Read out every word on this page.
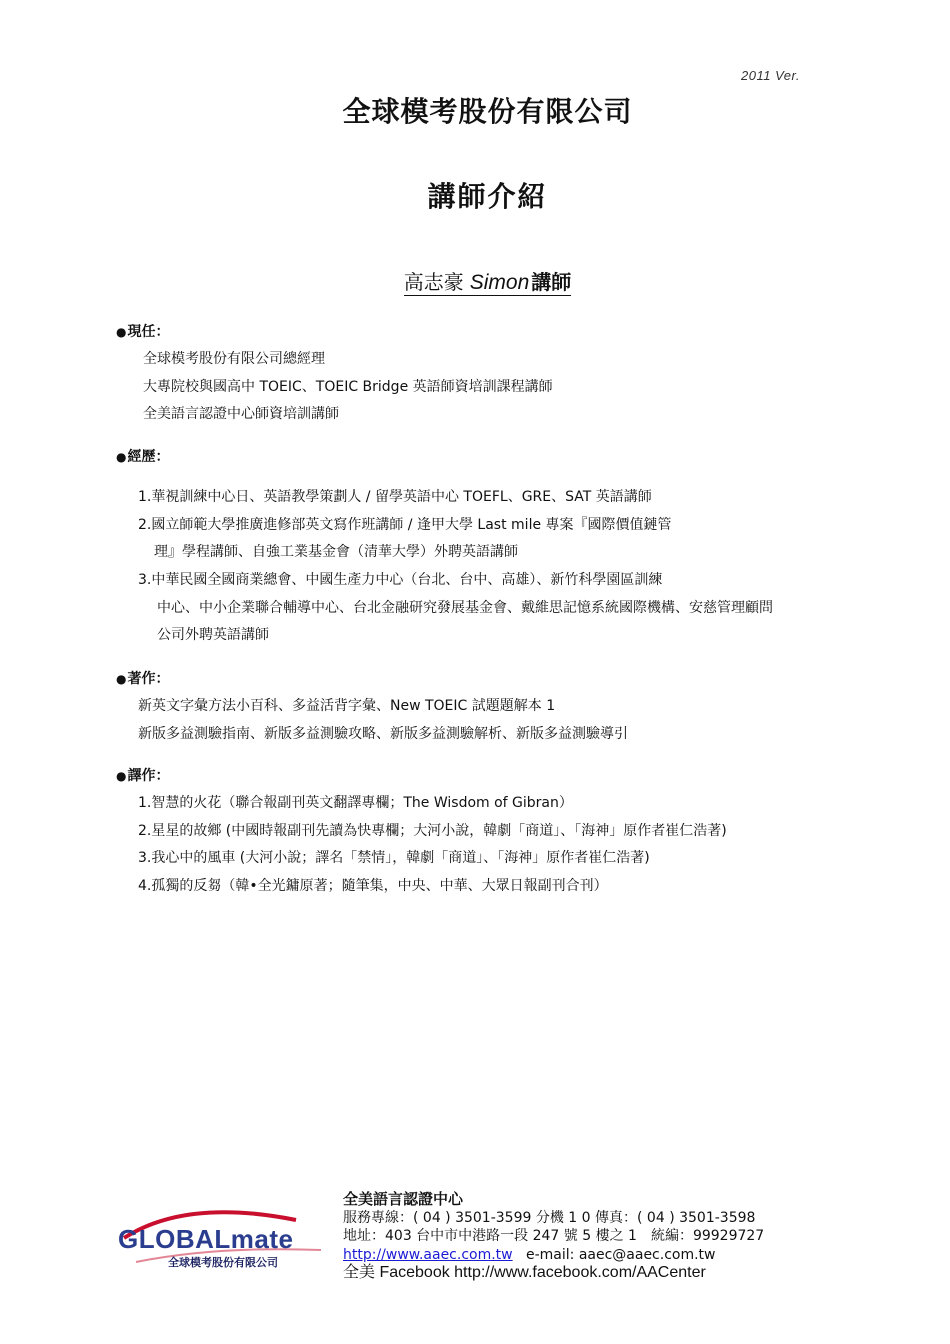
2011 Ver.
全球模考股份有限公司
講師介紹
高志豪 Simon 講師
●現任：
全球模考股份有限公司總經理
大專院校與國高中 TOEIC、TOEIC Bridge 英語師資培訓課程講師
全美語言認證中心師資培訓講師
●經歷：
1.華視訓練中心日、英語教學策劃人 / 留學英語中心 TOEFL、GRE、SAT 英語講師
2.國立師範大學推廣進修部英文寫作班講師 / 逢甲大學 Last mile 專案『國際價值鏈管
理』學程講師、自強工業基金會（清華大學）外聘英語講師
3.中華民國全國商業總會、中國生產力中心（台北、台中、高雄）、新竹科學園區訓練
中心、中小企業聯合輔導中心、台北金融研究發展基金會、戴維思記憶系統國際機構、安慈管理顧問
公司外聘英語講師
●著作：
新英文字彙方法小百科、多益活背字彙、New TOEIC 試題題解本 1
新版多益測驗指南、新版多益測驗攻略、新版多益測驗解析、新版多益測驗導引
●譯作：
1.智慧的火花（聯合報副刊英文翻譯專欄；The Wisdom of Gibran）
2.星星的故鄉 (中國時報副刊先讀為快專欄；大河小說，韓劇「商道」、「海神」原作者崔仁浩著)
3.我心中的風車 (大河小說；譯名「禁情」，韓劇「商道」、「海神」原作者崔仁浩著)
4.孤獨的反芻（韓•全光鏞原著；隨筆集，中央、中華、大眾日報副刊合刊）
GLOBALmate
全球模考股份有限公司
全美語言認證中心
服務專線：( 04 ) 3501-3599 分機 1 0 傳真：( 04 ) 3501-3598
地址：403 台中市中港路一段 247 號 5 樓之 1　統編：99929727
http://www.aaec.com.tw e-mail: aaec@aaec.com.tw
全美 Facebook http://www.facebook.com/AACenter
